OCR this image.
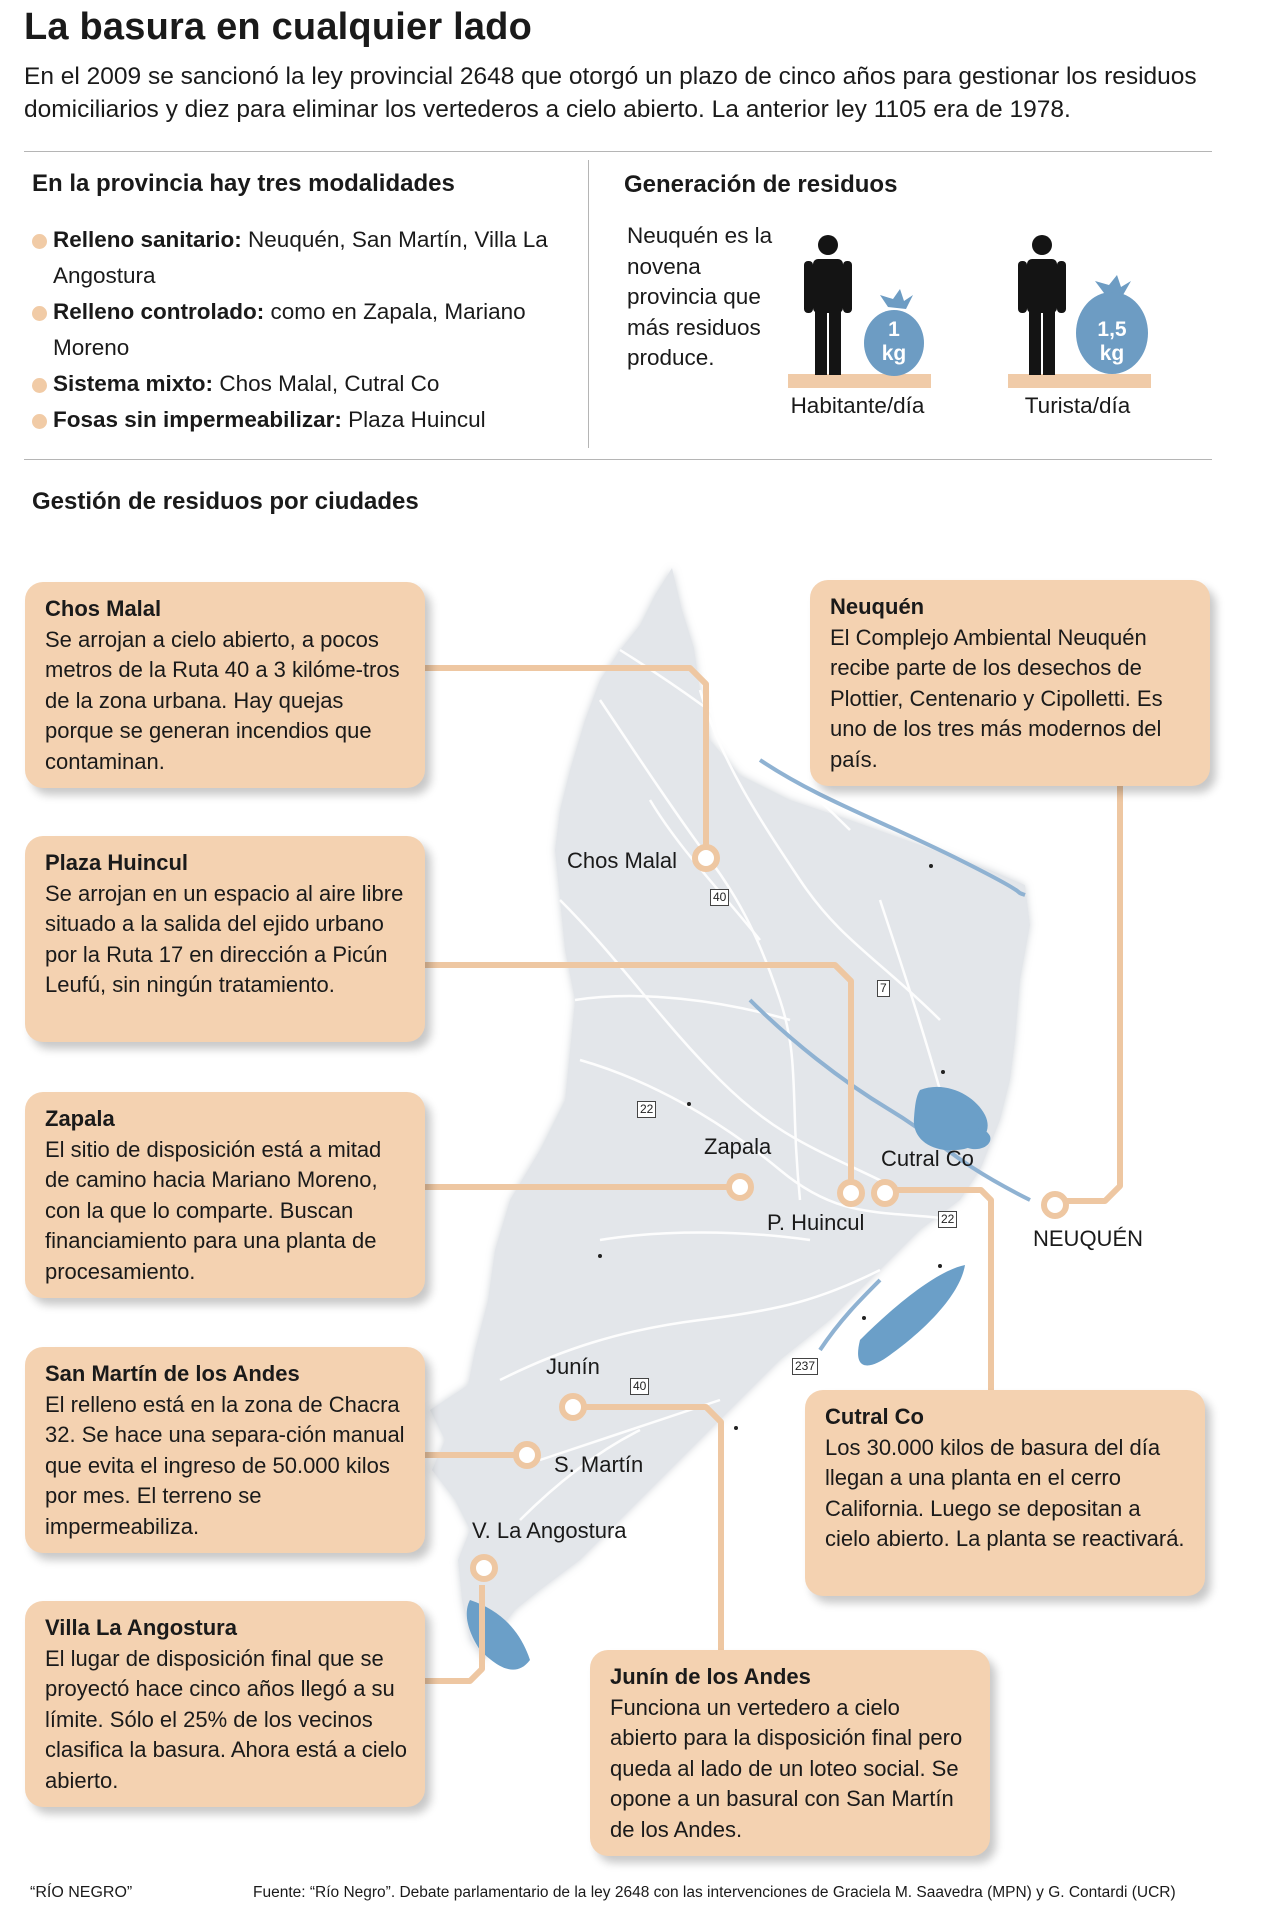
La basura en cualquier lado
En el 2009 se sancionó la ley provincial 2648 que otorgó un plazo de cinco años para gestionar los residuos domiciliarios y diez para eliminar los vertederos a cielo abierto. La anterior ley 1105 era de 1978.
En la provincia hay tres modalidades
Relleno sanitario: Neuquén, San Martín, Villa La Angostura
Relleno controlado: como en Zapala, Mariano Moreno
Sistema mixto: Chos Malal, Cutral Co
Fosas sin impermeabilizar: Plaza Huincul
Generación de residuos
Neuquén es la novena provincia que más residuos produce.
1
kg
1,5
kg
Habitante/día	Turista/día
Gestión de residuos por ciudades
Chos Malal
Zapala	Cutral Co
P. Huincul
NEUQUÉN
Junín
S. Martín
V. La Angostura
40
7
22
22
237
40
Chos Malal
Se arrojan a cielo abierto, a pocos metros de la Ruta 40 a 3 kilóme-tros de la zona urbana. Hay quejas porque se generan incendios que contaminan.
Plaza Huincul
Se arrojan en un espacio al aire libre situado a la salida del ejido urbano por la Ruta 17 en dirección a Picún Leufú, sin ningún tratamiento.
Zapala
El sitio de disposición está a mitad de camino hacia Mariano Moreno, con la que lo comparte. Buscan financiamiento para una planta de procesamiento.
San Martín de los Andes
El relleno está en la zona de Chacra 32. Se hace una separa-ción manual que evita el ingreso de 50.000 kilos por mes. El terreno se impermeabiliza.
Villa La Angostura
El lugar de disposición final que se proyectó hace cinco años llegó a su límite. Sólo el 25% de los vecinos clasifica la basura. Ahora está a cielo abierto.
Neuquén
El Complejo Ambiental Neuquén recibe parte de los desechos de Plottier, Centenario y Cipolletti. Es uno de los tres más modernos del país.
Cutral Co
Los 30.000 kilos de basura del día llegan a una planta en el cerro California. Luego se depositan a cielo abierto. La planta se reactivará.
Junín de los Andes
Funciona un vertedero a cielo abierto para la disposición final pero queda al lado de un loteo social. Se opone a un basural con San Martín de los Andes.
“RÍO NEGRO”	Fuente: “Río Negro”. Debate parlamentario de la ley 2648 con las intervenciones de Graciela M. Saavedra (MPN) y G. Contardi (UCR)
